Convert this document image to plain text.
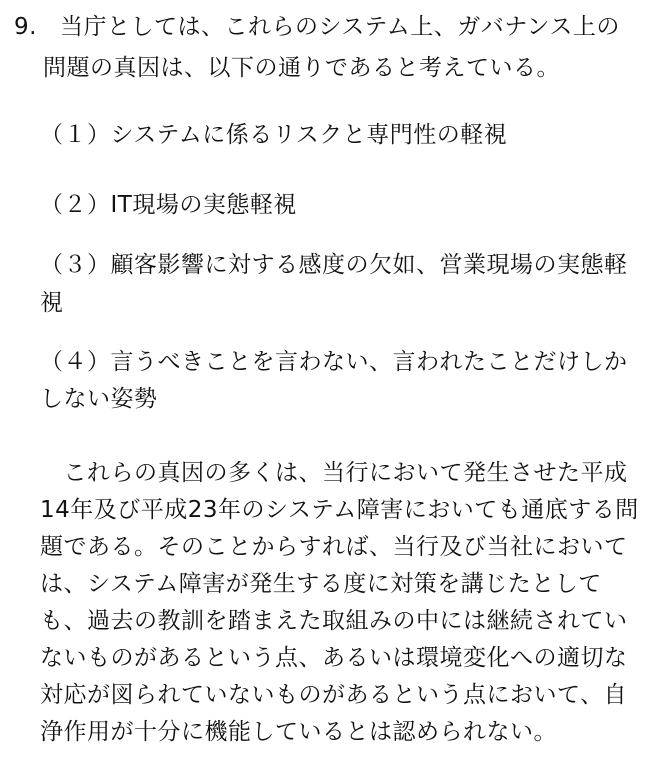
9. 当庁としては、これらのシステム上、ガバナンス上の
問題の真因は、以下の通りであると考えている。
（１）システムに係るリスクと専門性の軽視
（２）IT現場の実態軽視
（３）顧客影響に対する感度の欠如、営業現場の実態軽
視
（４）言うべきことを言わない、言われたことだけしか
しない姿勢
　これらの真因の多くは、当行において発生させた平成
14年及び平成23年のシステム障害においても通底する問
題である。そのことからすれば、当行及び当社において
は、システム障害が発生する度に対策を講じたとして
も、過去の教訓を踏まえた取組みの中には継続されてい
ないものがあるという点、あるいは環境変化への適切な
対応が図られていないものがあるという点において、自
浄作用が十分に機能しているとは認められない。
